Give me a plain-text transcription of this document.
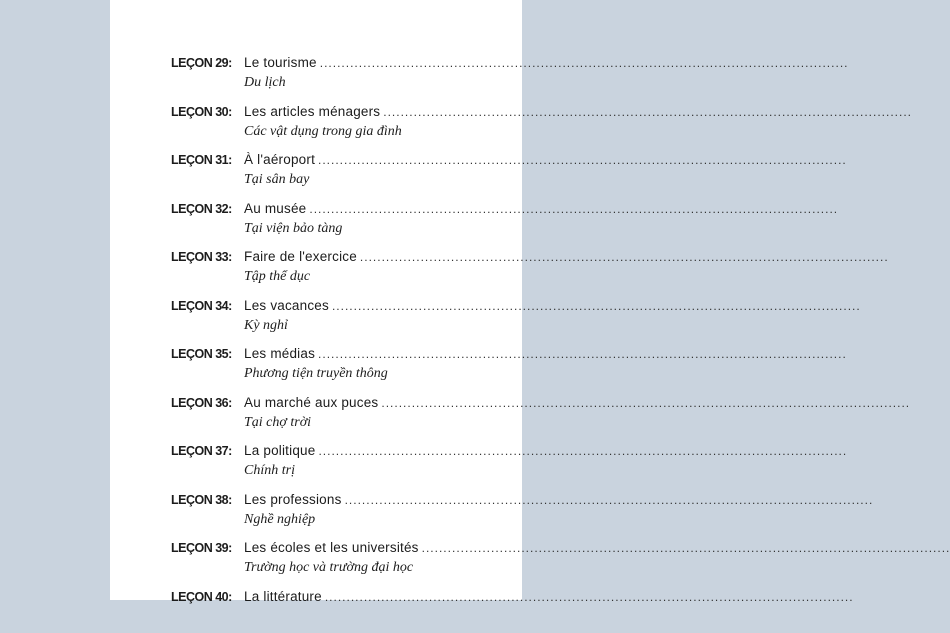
LEÇON 29: Le tourisme ..........................................................................................................................
Du lịch
LEÇON 30: Les articles ménagers ..........................................................................................................................
Các vật dụng trong gia đình
LEÇON 31: À l'aéroport ..........................................................................................................................
Tại sân bay
LEÇON 32: Au musée ..........................................................................................................................
Tại viện bảo tàng
LEÇON 33: Faire de l'exercice ..........................................................................................................................
Tập thể dục
LEÇON 34: Les vacances ..........................................................................................................................
Kỳ nghỉ
LEÇON 35: Les médias ..........................................................................................................................
Phương tiện truyền thông
LEÇON 36: Au marché aux puces ..........................................................................................................................
Tại chợ trời
LEÇON 37: La politique ..........................................................................................................................
Chính trị
LEÇON 38: Les professions ..........................................................................................................................
Nghề nghiệp
LEÇON 39: Les écoles et les universités ..........................................................................................................................
Trường học và trường đại học
LEÇON 40: La littérature ..........................................................................................................................
